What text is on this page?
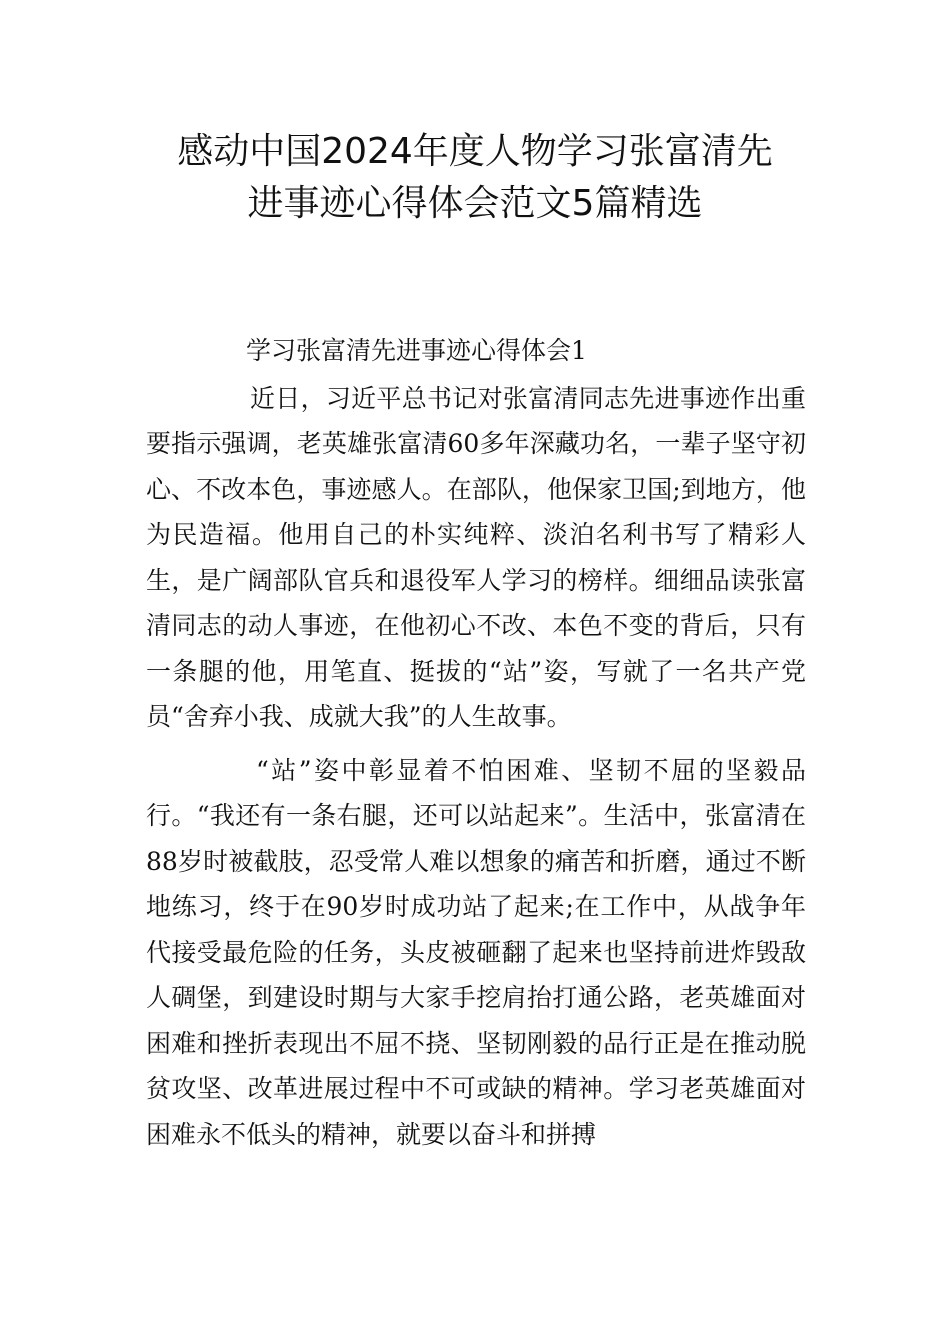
感动中国2024年度人物学习张富清先
进事迹心得体会范文5篇精选

学习张富清先进事迹心得体会1

近日，习近平总书记对张富清同志先进事迹作出重要指示强调，老英雄张富清60多年深藏功名，一辈子坚守初心、不改本色，事迹感人。在部队，他保家卫国;到地方，他为民造福。他用自己的朴实纯粹、淡泊名利书写了精彩人生，是广阔部队官兵和退役军人学习的榜样。细细品读张富清同志的动人事迹，在他初心不改、本色不变的背后，只有一条腿的他，用笔直、挺拔的“站”姿，写就了一名共产党员“舍弃小我、成就大我”的人生故事。

“站”姿中彰显着不怕困难、坚韧不屈的坚毅品行。“我还有一条右腿，还可以站起来”。生活中，张富清在88岁时被截肢，忍受常人难以想象的痛苦和折磨，通过不断地练习，终于在90岁时成功站了起来;在工作中，从战争年代接受最危险的任务，头皮被砸翻了起来也坚持前进炸毁敌人碉堡，到建设时期与大家手挖肩抬打通公路，老英雄面对困难和挫折表现出不屈不挠、坚韧刚毅的品行正是在推动脱贫攻坚、改革进展过程中不可或缺的精神。学习老英雄面对困难永不低头的精神，就要以奋斗和拼搏
